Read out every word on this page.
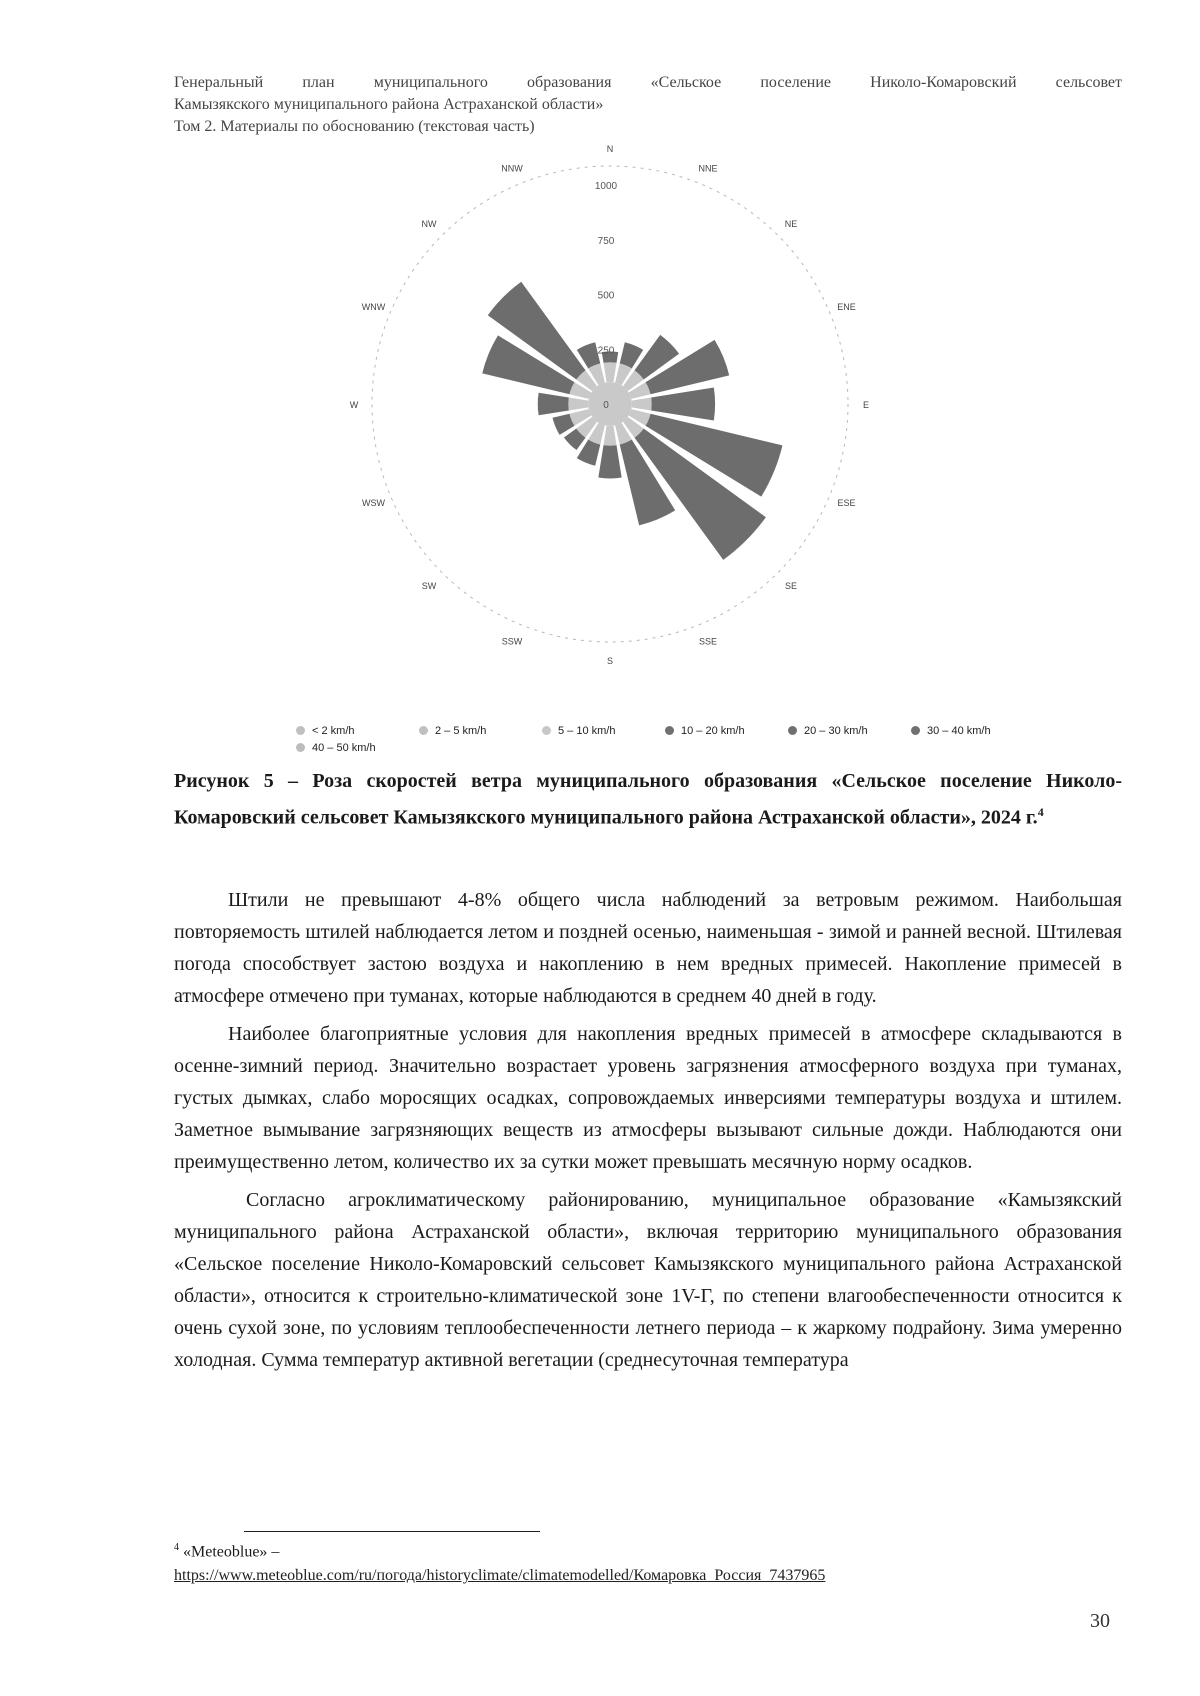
Генеральный план муниципального образования «Сельское поселение Николо-Комаровский сельсовет
Камызякского муниципального района Астраханской области»
Том 2. Материалы по обоснованию (текстовая часть)
0
250
500
750
1000
N
NNE
NE
ENE
E
ESE
SE
SSE
S
SSW
SW
WSW
W
WNW
NW
NNW
< 2 km/h	2 – 5 km/h	5 – 10 km/h	10 – 20 km/h	20 – 30 km/h	30 – 40 km/h
40 – 50 km/h
Рисунок 5 – Роза скоростей ветра муниципального образования «Сельское поселение Николо-Комаровский сельсовет Камызякского муниципального района Астраханской области», 2024 г.$^4$

Штили не превышают 4-8% общего числа наблюдений за ветровым режимом. Наибольшая повторяемость штилей наблюдается летом и поздней осенью, наименьшая - зимой и ранней весной. Штилевая погода способствует застою воздуха и накоплению в нем вредных примесей. Накопление примесей в атмосфере отмечено при туманах, которые наблюдаются в среднем 40 дней в году.

Наиболее благоприятные условия для накопления вредных примесей в атмосфере складываются в осенне-зимний период. Значительно возрастает уровень загрязнения атмосферного воздуха при туманах, густых дымках, слабо моросящих осадках, сопровождаемых инверсиями температуры воздуха и штилем. Заметное вымывание загрязняющих веществ из атмосферы вызывают сильные дожди. Наблюдаются они преимущественно летом, количество их за сутки может превышать месячную норму осадков.

Согласно агроклиматическому районированию, муниципальное образование «Камызякский муниципального района Астраханской области», включая территорию муниципального образования «Сельское поселение Николо-Комаровский сельсовет Камызякского муниципального района Астраханской области», относится к строительно-климатической зоне 1V-Г, по степени влагообеспеченности относится к очень сухой зоне, по условиям теплообеспеченности летнего периода – к жаркому подрайону. Зима умеренно холодная. Сумма температур активной вегетации (среднесуточная температура

$^4$ «Meteoblue» –
https://www.meteoblue.com/ru/погода/historyclimate/climatemodelled/Комаровка_Россия_7437965
30
